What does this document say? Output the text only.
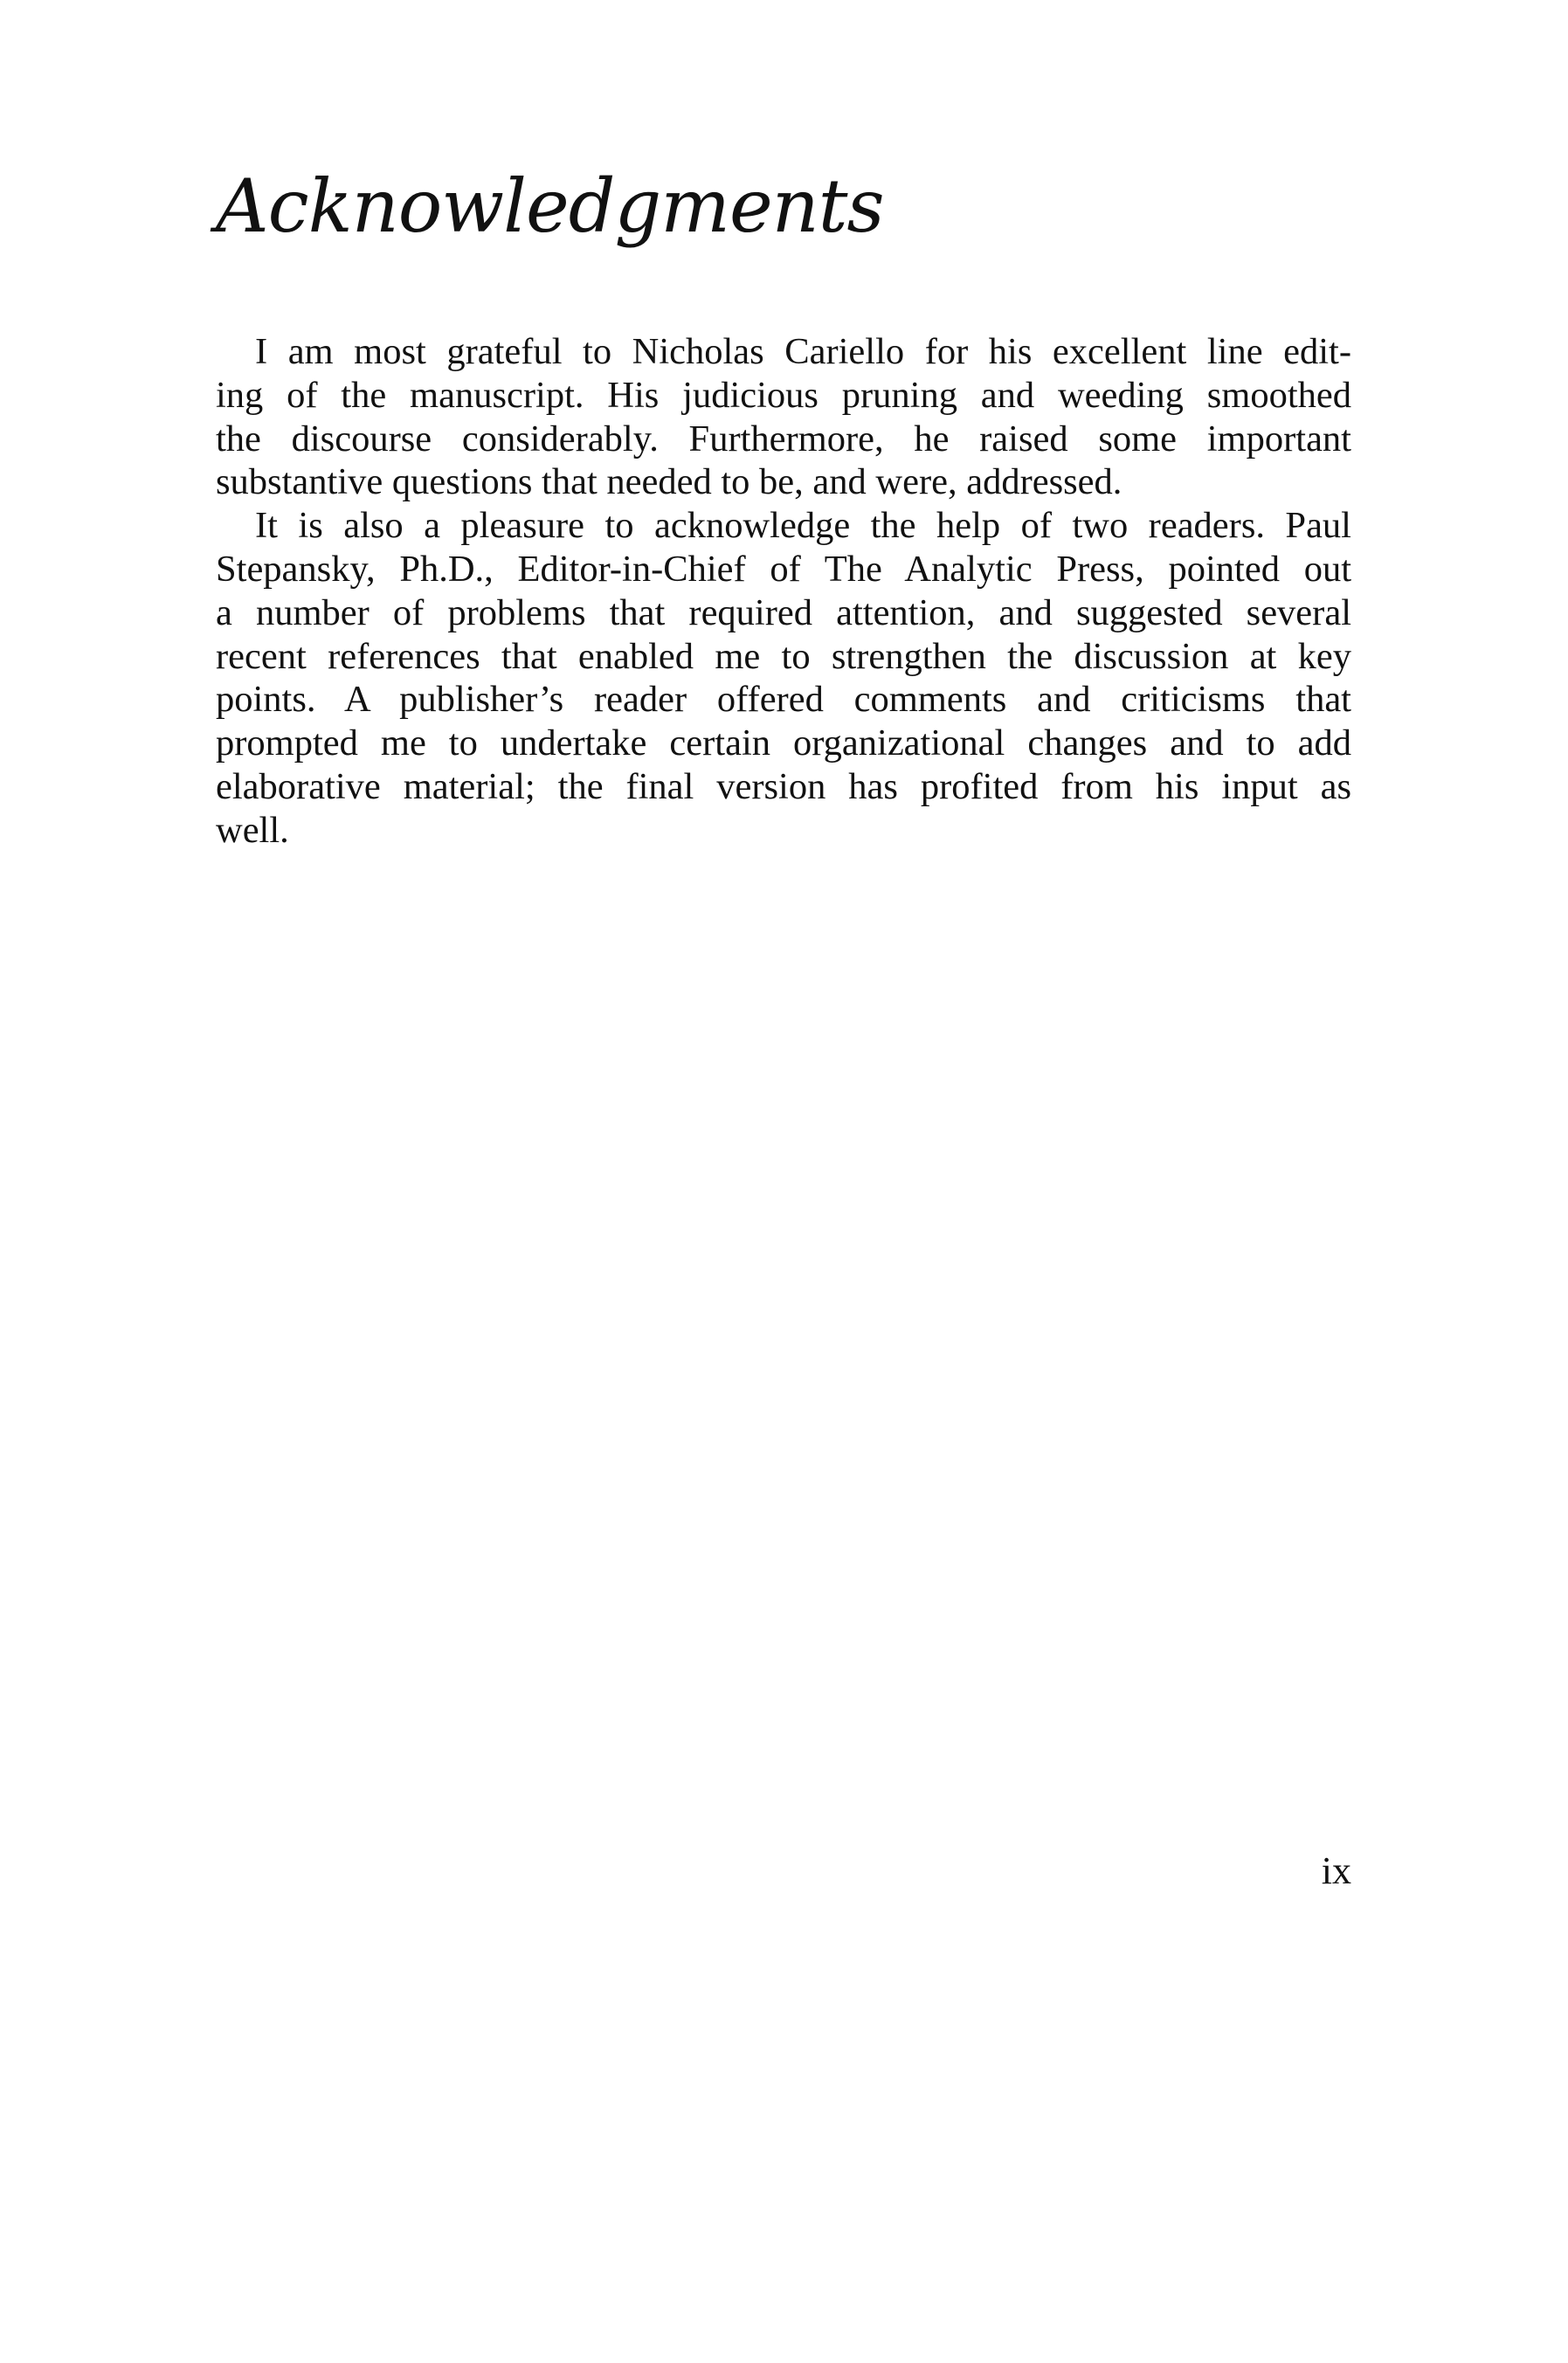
Acknowledgments
I am most grateful to Nicholas Cariello for his excellent line edit-
ing of the manuscript. His judicious pruning and weeding smoothed
the discourse considerably. Furthermore, he raised some important
substantive questions that needed to be, and were, addressed.
It is also a pleasure to acknowledge the help of two readers. Paul
Stepansky, Ph.D., Editor-in-Chief of The Analytic Press, pointed out
a number of problems that required attention, and suggested several
recent references that enabled me to strengthen the discussion at key
points. A publisher’s reader offered comments and criticisms that
prompted me to undertake certain organizational changes and to add
elaborative material; the final version has profited from his input as
well.
ix
